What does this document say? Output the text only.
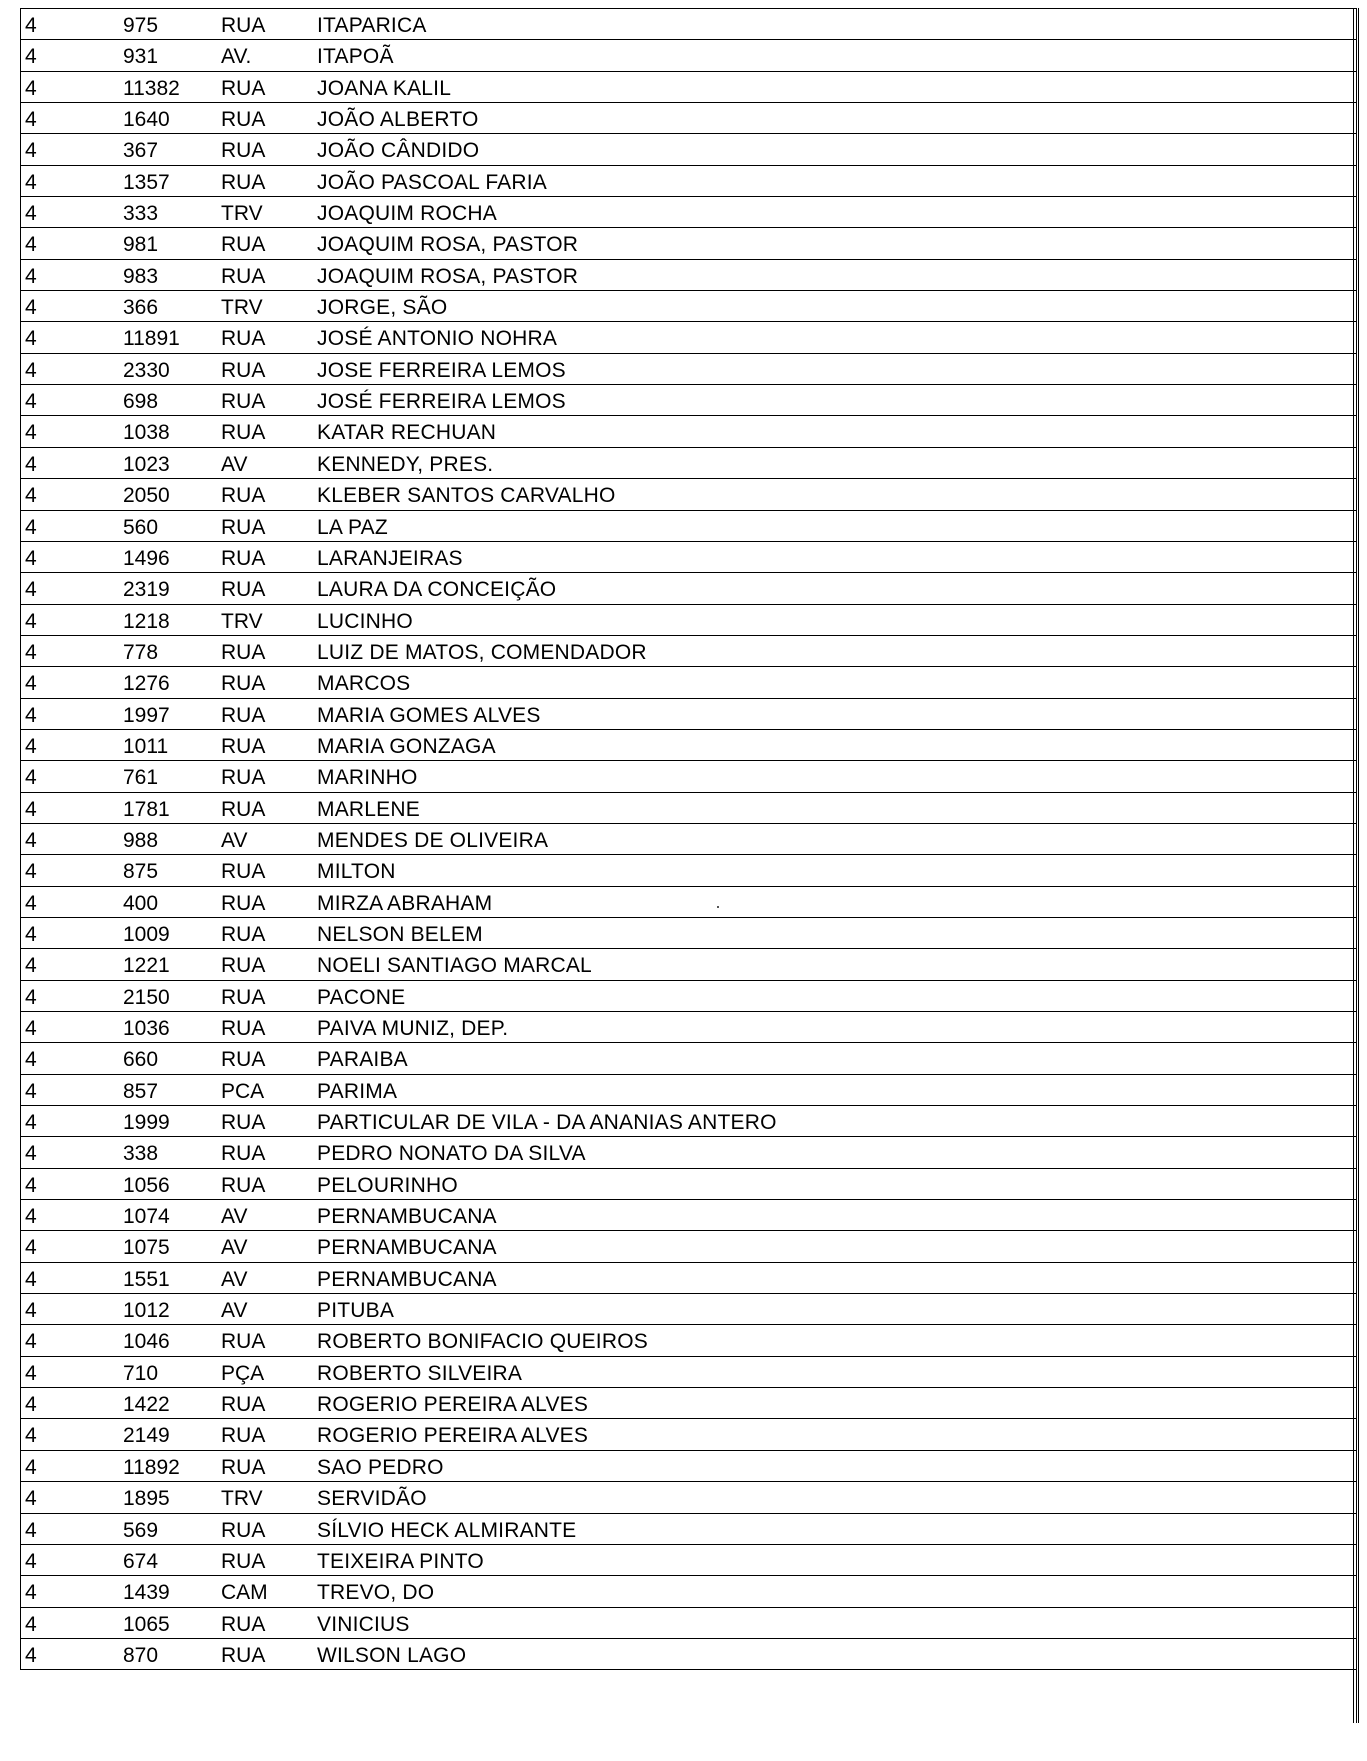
4	975	RUA ITAPARICA
4	931	AV.	ITAPOÃ
4	11382 RUA JOANA KALIL
4	1640 RUA JOÃO ALBERTO
4	367	RUA JOÃO CÂNDIDO
4	1357 RUA JOÃO PASCOAL FARIA
4	333	TRV	JOAQUIM ROCHA
4	981	RUA JOAQUIM ROSA, PASTOR
4	983	RUA JOAQUIM ROSA, PASTOR
4	366	TRV	JORGE, SÃO
4	11891 RUA JOSÉ ANTONIO NOHRA
4	2330 RUA JOSE FERREIRA LEMOS
4	698	RUA JOSÉ FERREIRA LEMOS
4	1038 RUA KATAR RECHUAN
4	1023 AV	KENNEDY, PRES.
4	2050 RUA KLEBER SANTOS CARVALHO
4	560	RUA LA PAZ
4	1496 RUA LARANJEIRAS
4	2319 RUA LAURA DA CONCEIÇÃO
4	1218 TRV	LUCINHO
4	778	RUA LUIZ DE MATOS, COMENDADOR
4	1276 RUA MARCOS
4	1997 RUA MARIA GOMES ALVES
4	1011	RUA MARIA GONZAGA
4	761	RUA MARINHO
4	1781 RUA MARLENE
4	988	AV	MENDES DE OLIVEIRA
4	875	RUA MILTON
4	400	RUA MIRZA ABRAHAM
4	1009 RUA NELSON BELEM
4	1221 RUA NOELI SANTIAGO MARCAL
4	2150 RUA PACONE
4	1036 RUA PAIVA MUNIZ, DEP.
4	660	RUA PARAIBA
4	857	PCA	PARIMA
4	1999 RUA PARTICULAR DE VILA - DA ANANIAS ANTERO
4	338	RUA PEDRO NONATO DA SILVA
4	1056 RUA PELOURINHO
4	1074 AV	PERNAMBUCANA
4	1075 AV	PERNAMBUCANA
4	1551 AV	PERNAMBUCANA
4	1012 AV	PITUBA
4	1046 RUA ROBERTO BONIFACIO QUEIROS
4	710	PÇA	ROBERTO SILVEIRA
4	1422 RUA ROGERIO PEREIRA ALVES
4	2149 RUA ROGERIO PEREIRA ALVES
4	11892 RUA SAO PEDRO
4	1895 TRV	SERVIDÃO
4	569	RUA SÍLVIO HECK ALMIRANTE
4	674	RUA TEIXEIRA PINTO
4	1439 CAM TREVO, DO
4	1065 RUA VINICIUS
4	870	RUA WILSON LAGO
